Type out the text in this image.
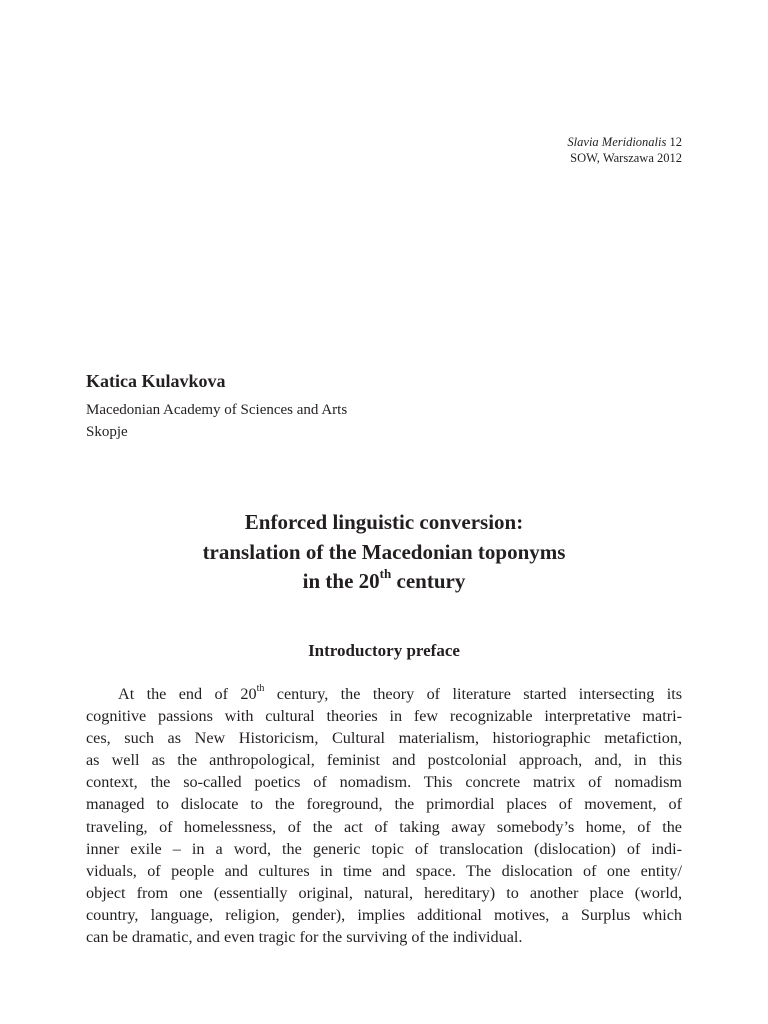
Slavia Meridionalis 12
SOW, Warszawa 2012

Katica Kulavkova

Macedonian Academy of Sciences and Arts
Skopje
Enforced linguistic conversion:
translation of the Macedonian toponyms
in the 20th century
Introductory preface

At the end of 20th century, the theory of literature started intersecting its
cognitive passions with cultural theories in few recognizable interpretative matri-
ces, such as New Historicism, Cultural materialism, historiographic metafiction,
as well as the anthropological, feminist and postcolonial approach, and, in this
context, the so-called poetics of nomadism. This concrete matrix of nomadism
managed to dislocate to the foreground, the primordial places of movement, of
traveling, of homelessness, of the act of taking away somebody’s home, of the
inner exile – in a word, the generic topic of translocation (dislocation) of indi-
viduals, of people and cultures in time and space. The dislocation of one entity/
object from one (essentially original, natural, hereditary) to another place (world,
country, language, religion, gender), implies additional motives, a Surplus which
can be dramatic, and even tragic for the surviving of the individual.
